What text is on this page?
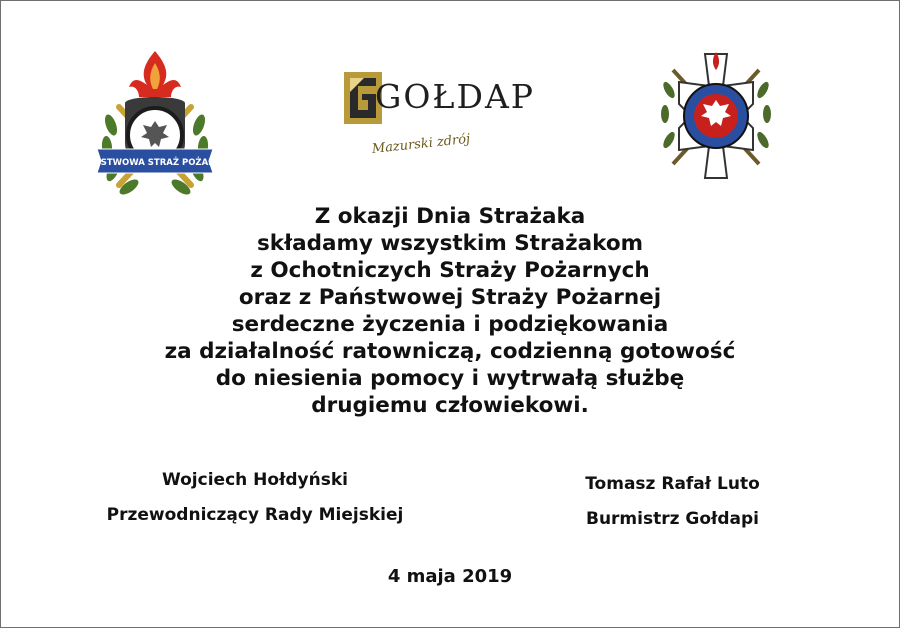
PAŃSTWOWA STRAŻ POŻARNA
GOŁDAP
Mazurski zdrój
Z okazji Dnia Strażaka
składamy wszystkim Strażakom
z Ochotniczych Straży Pożarnych
oraz z Państwowej Straży Pożarnej
serdeczne życzenia i podziękowania
za działalność ratowniczą, codzienną gotowość
do niesienia pomocy i wytrwałą służbę
drugiemu człowiekowi.
Wojciech Hołdyński
Przewodniczący Rady Miejskiej
Tomasz Rafał Luto
Burmistrz Gołdapi
4 maja 2019
